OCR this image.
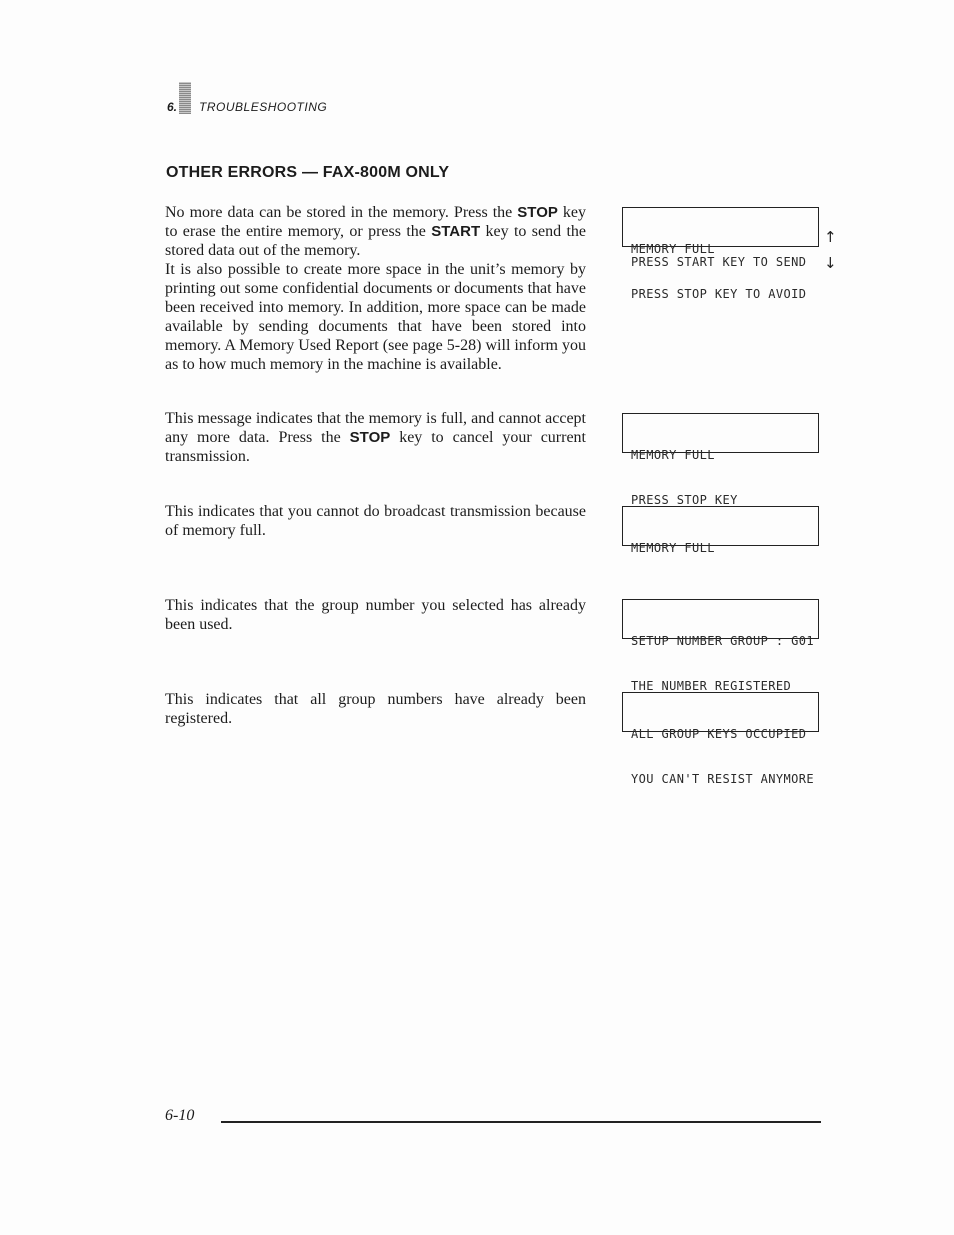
6. TROUBLESHOOTING
OTHER ERRORS — FAX-800M ONLY

No more data can be stored in the memory. Press the STOP key to erase the entire memory, or press the START key to send the stored data out of the memory.

It is also possible to create more space in the unit’s memory by printing out some confidential documents or documents that have been received into memory. In addition, more space can be made available by sending documents that have been stored into memory. A Memory Used Report (see page 5-28) will inform you as to how much memory in the machine is available.

MEMORY FULL

PRESS STOP KEY TO AVOID

PRESS START KEY TO SEND
↑
↓

This message indicates that the memory is full, and cannot accept any more data. Press the STOP key to cancel your current transmission.

	MEMORY FULL

PRESS STOP KEY

This indicates that you cannot do broadcast transmission because of memory full.

MEMORY FULL

This indicates that the group number you selected has already been used.

SETUP NUMBER GROUP : G01

THE NUMBER REGISTERED

This indicates that all group numbers have already been registered.

ALL GROUP KEYS OCCUPIED

YOU CAN'T RESIST ANYMORE

6-10
